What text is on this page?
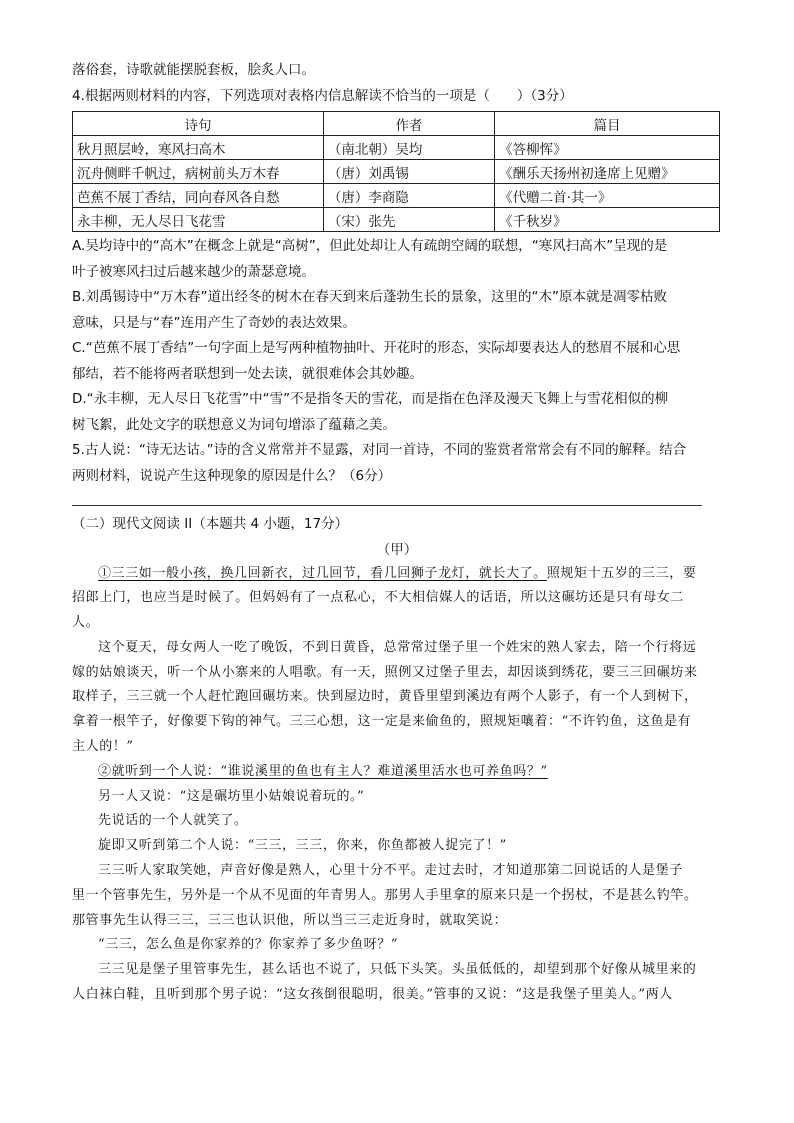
落俗套，诗歌就能摆脱套板，脍炙人口。

4.根据两则材料的内容，下列选项对表格内信息解读不恰当的一项是（　　）（3分）

诗句	作者	篇目
秋月照层岭，寒风扫高木	（南北朝）吴均	《答柳恽》
沉舟侧畔千帆过，病树前头万木春	（唐）刘禹锡	《酬乐天扬州初逢席上见赠》
芭蕉不展丁香结，同向春风各自愁	（唐）李商隐	《代赠二首·其一》
永丰柳，无人尽日飞花雪	（宋）张先	《千秋岁》

A.吴均诗中的“高木”在概念上就是“高树”，但此处却让人有疏朗空阔的联想，“寒风扫高木”呈现的是

叶子被寒风扫过后越来越少的萧瑟意境。

B.刘禹锡诗中“万木春”道出经冬的树木在春天到来后蓬勃生长的景象，这里的“木”原本就是凋零枯败

意味，只是与“春”连用产生了奇妙的表达效果。

C.“芭蕉不展丁香结”一句字面上是写两种植物抽叶、开花时的形态，实际却要表达人的愁眉不展和心思

郁结，若不能将两者联想到一处去读，就很难体会其妙趣。

D.“永丰柳，无人尽日飞花雪”中“雪”不是指冬天的雪花，而是指在色泽及漫天飞舞上与雪花相似的柳

树飞絮，此处文字的联想意义为词句增添了蕴藉之美。

5.古人说：“诗无达诂。”诗的含义常常并不显露，对同一首诗，不同的鉴赏者常常会有不同的解释。结合

两则材料，说说产生这种现象的原因是什么？（6分）

（二）现代文阅读 II（本题共 4 小题，17分）

（甲）

①三三如一般小孩，换几回新衣，过几回节，看几回狮子龙灯，就长大了。照规矩十五岁的三三，要

招郎上门，也应当是时候了。但妈妈有了一点私心，不大相信媒人的话语，所以这碾坊还是只有母女二

人。

这个夏天，母女两人一吃了晚饭，不到日黄昏，总常常过堡子里一个姓宋的熟人家去，陪一个行将远

嫁的姑娘谈天，听一个从小寨来的人唱歌。有一天，照例又过堡子里去，却因谈到绣花，要三三回碾坊来

取样子，三三就一个人赶忙跑回碾坊来。快到屋边时，黄昏里望到溪边有两个人影子，有一个人到树下，

拿着一根竿子，好像要下钩的神气。三三心想，这一定是来偷鱼的，照规矩嚷着：“不许钓鱼，这鱼是有

主人的！”

②就听到一个人说：“谁说溪里的鱼也有主人？难道溪里活水也可养鱼吗？”

另一人又说：“这是碾坊里小姑娘说着玩的。”

先说话的一个人就笑了。

旋即又听到第二个人说：“三三，三三，你来，你鱼都被人捉完了！”

三三听人家取笑她，声音好像是熟人，心里十分不平。走过去时，才知道那第二回说话的人是堡子

里一个管事先生，另外是一个从不见面的年青男人。那男人手里拿的原来只是一个拐杖，不是甚么钓竿。

那管事先生认得三三，三三也认识他，所以当三三走近身时，就取笑说：

“三三，怎么鱼是你家养的？你家养了多少鱼呀？”

三三见是堡子里管事先生，甚么话也不说了，只低下头笑。头虽低低的，却望到那个好像从城里来的

人白袜白鞋，且听到那个男子说：“这女孩倒很聪明，很美。”管事的又说：“这是我堡子里美人。”两人
